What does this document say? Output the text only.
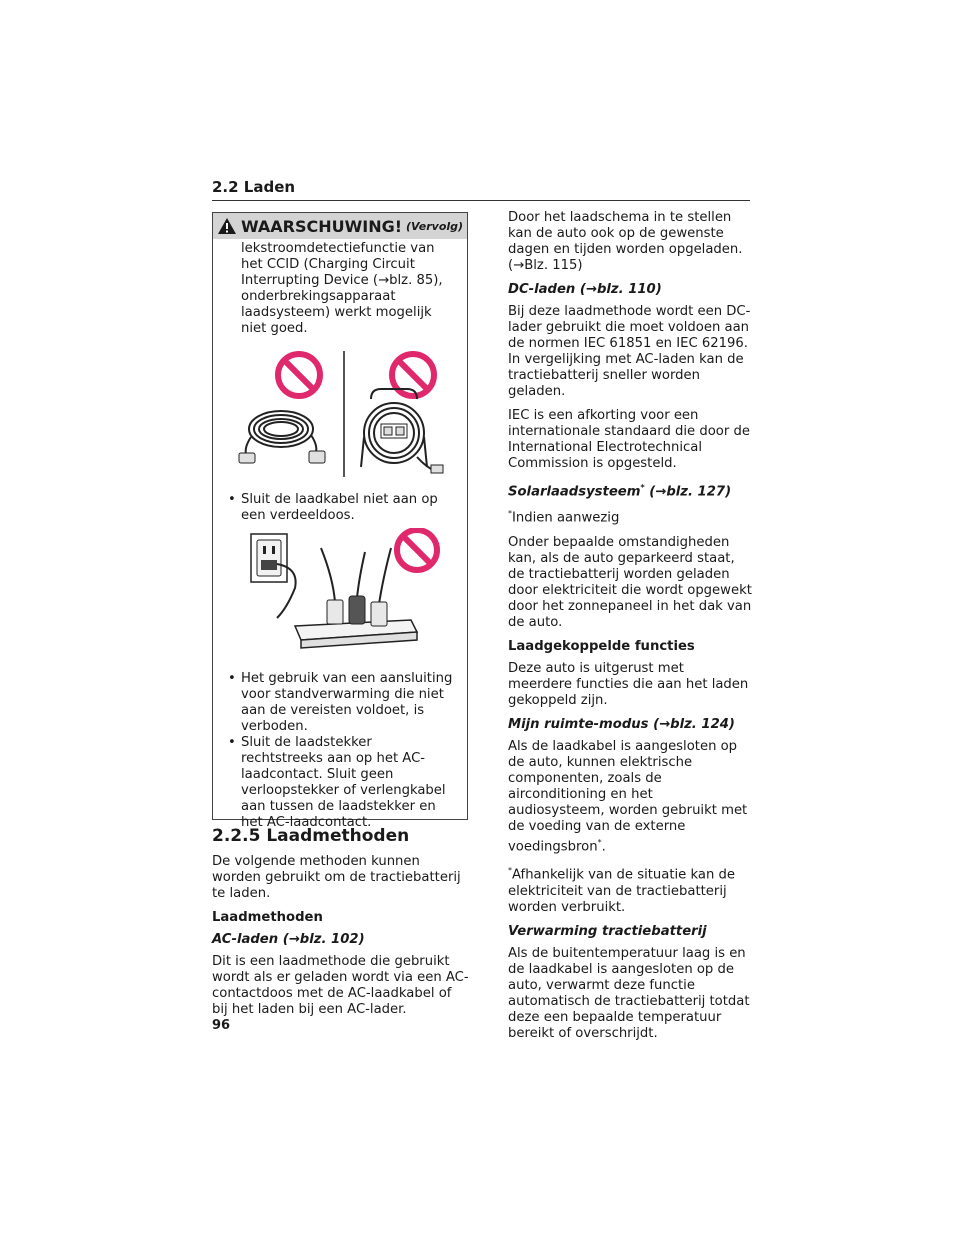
2.2 Laden
WAARSCHUWING! (Vervolg)

lekstroomdetectiefunctie van het CCID (Charging Circuit Interrupting Device (→blz. 85), onderbrekingsapparaat laadsysteem) werkt mogelijk niet goed.

• Sluit de laadkabel niet aan op een verdeeldoos.

• Het gebruik van een aansluiting voor standverwarming die niet aan de vereisten voldoet, is verboden.

• Sluit de laadstekker rechtstreeks aan op het AC-laadcontact. Sluit geen verloopstekker of verlengkabel aan tussen de laadstekker en het AC-laadcontact.

2.2.5 Laadmethoden

De volgende methoden kunnen worden gebruikt om de tractiebatterij te laden.

Laadmethoden

AC-laden (→blz. 102)

Dit is een laadmethode die gebruikt wordt als er geladen wordt via een AC-contactdoos met de AC-laadkabel of bij het laden bij een AC-lader.

Door het laadschema in te stellen kan de auto ook op de gewenste dagen en tijden worden opgeladen. (→Blz. 115)

DC-laden (→blz. 110)

Bij deze laadmethode wordt een DC-lader gebruikt die moet voldoen aan de normen IEC 61851 en IEC 62196. In vergelijking met AC-laden kan de tractiebatterij sneller worden geladen.

IEC is een afkorting voor een internationale standaard die door de International Electrotechnical Commission is opgesteld.

Solarlaadsysteem* (→blz. 127)

*Indien aanwezig

Onder bepaalde omstandigheden kan, als de auto geparkeerd staat, de tractiebatterij worden geladen door elektriciteit die wordt opgewekt door het zonnepaneel in het dak van de auto.

Laadgekoppelde functies

Deze auto is uitgerust met meerdere functies die aan het laden gekoppeld zijn.

Mijn ruimte-modus (→blz. 124)

Als de laadkabel is aangesloten op de auto, kunnen elektrische componenten, zoals de airconditioning en het audiosysteem, worden gebruikt met de voeding van de externe voedingsbron*.

*Afhankelijk van de situatie kan de elektriciteit van de tractiebatterij worden verbruikt.

Verwarming tractiebatterij

Als de buitentemperatuur laag is en de laadkabel is aangesloten op de auto, verwarmt deze functie automatisch de tractiebatterij totdat deze een bepaalde temperatuur bereikt of overschrijdt.

96
